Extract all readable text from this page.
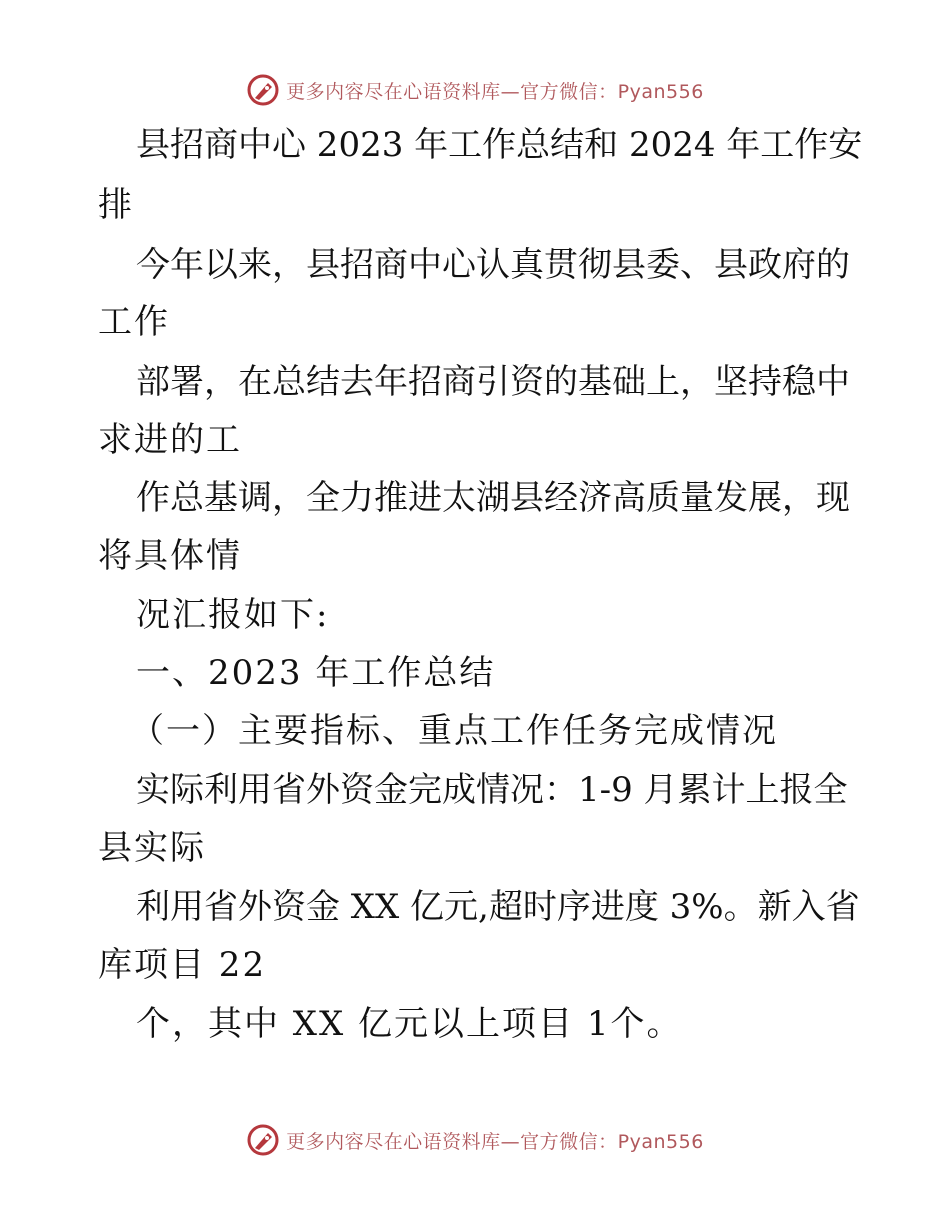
更多内容尽在心语资料库—官方微信：Pyan556
县招商中心 2023 年工作总结和 2024 年工作安
排
今年以来，县招商中心认真贯彻县委、县政府的
工作
部署，在总结去年招商引资的基础上，坚持稳中
求进的工
作总基调，全力推进太湖县经济高质量发展，现
将具体情
况汇报如下:
一、2023 年工作总结
（一）主要指标、重点工作任务完成情况
实际利用省外资金完成情况：1-9 月累计上报全
县实际
利用省外资金 XX 亿元,超时序进度 3%。新入省
库项目 22
个，其中 XX 亿元以上项目 1个。
更多内容尽在心语资料库—官方微信：Pyan556
